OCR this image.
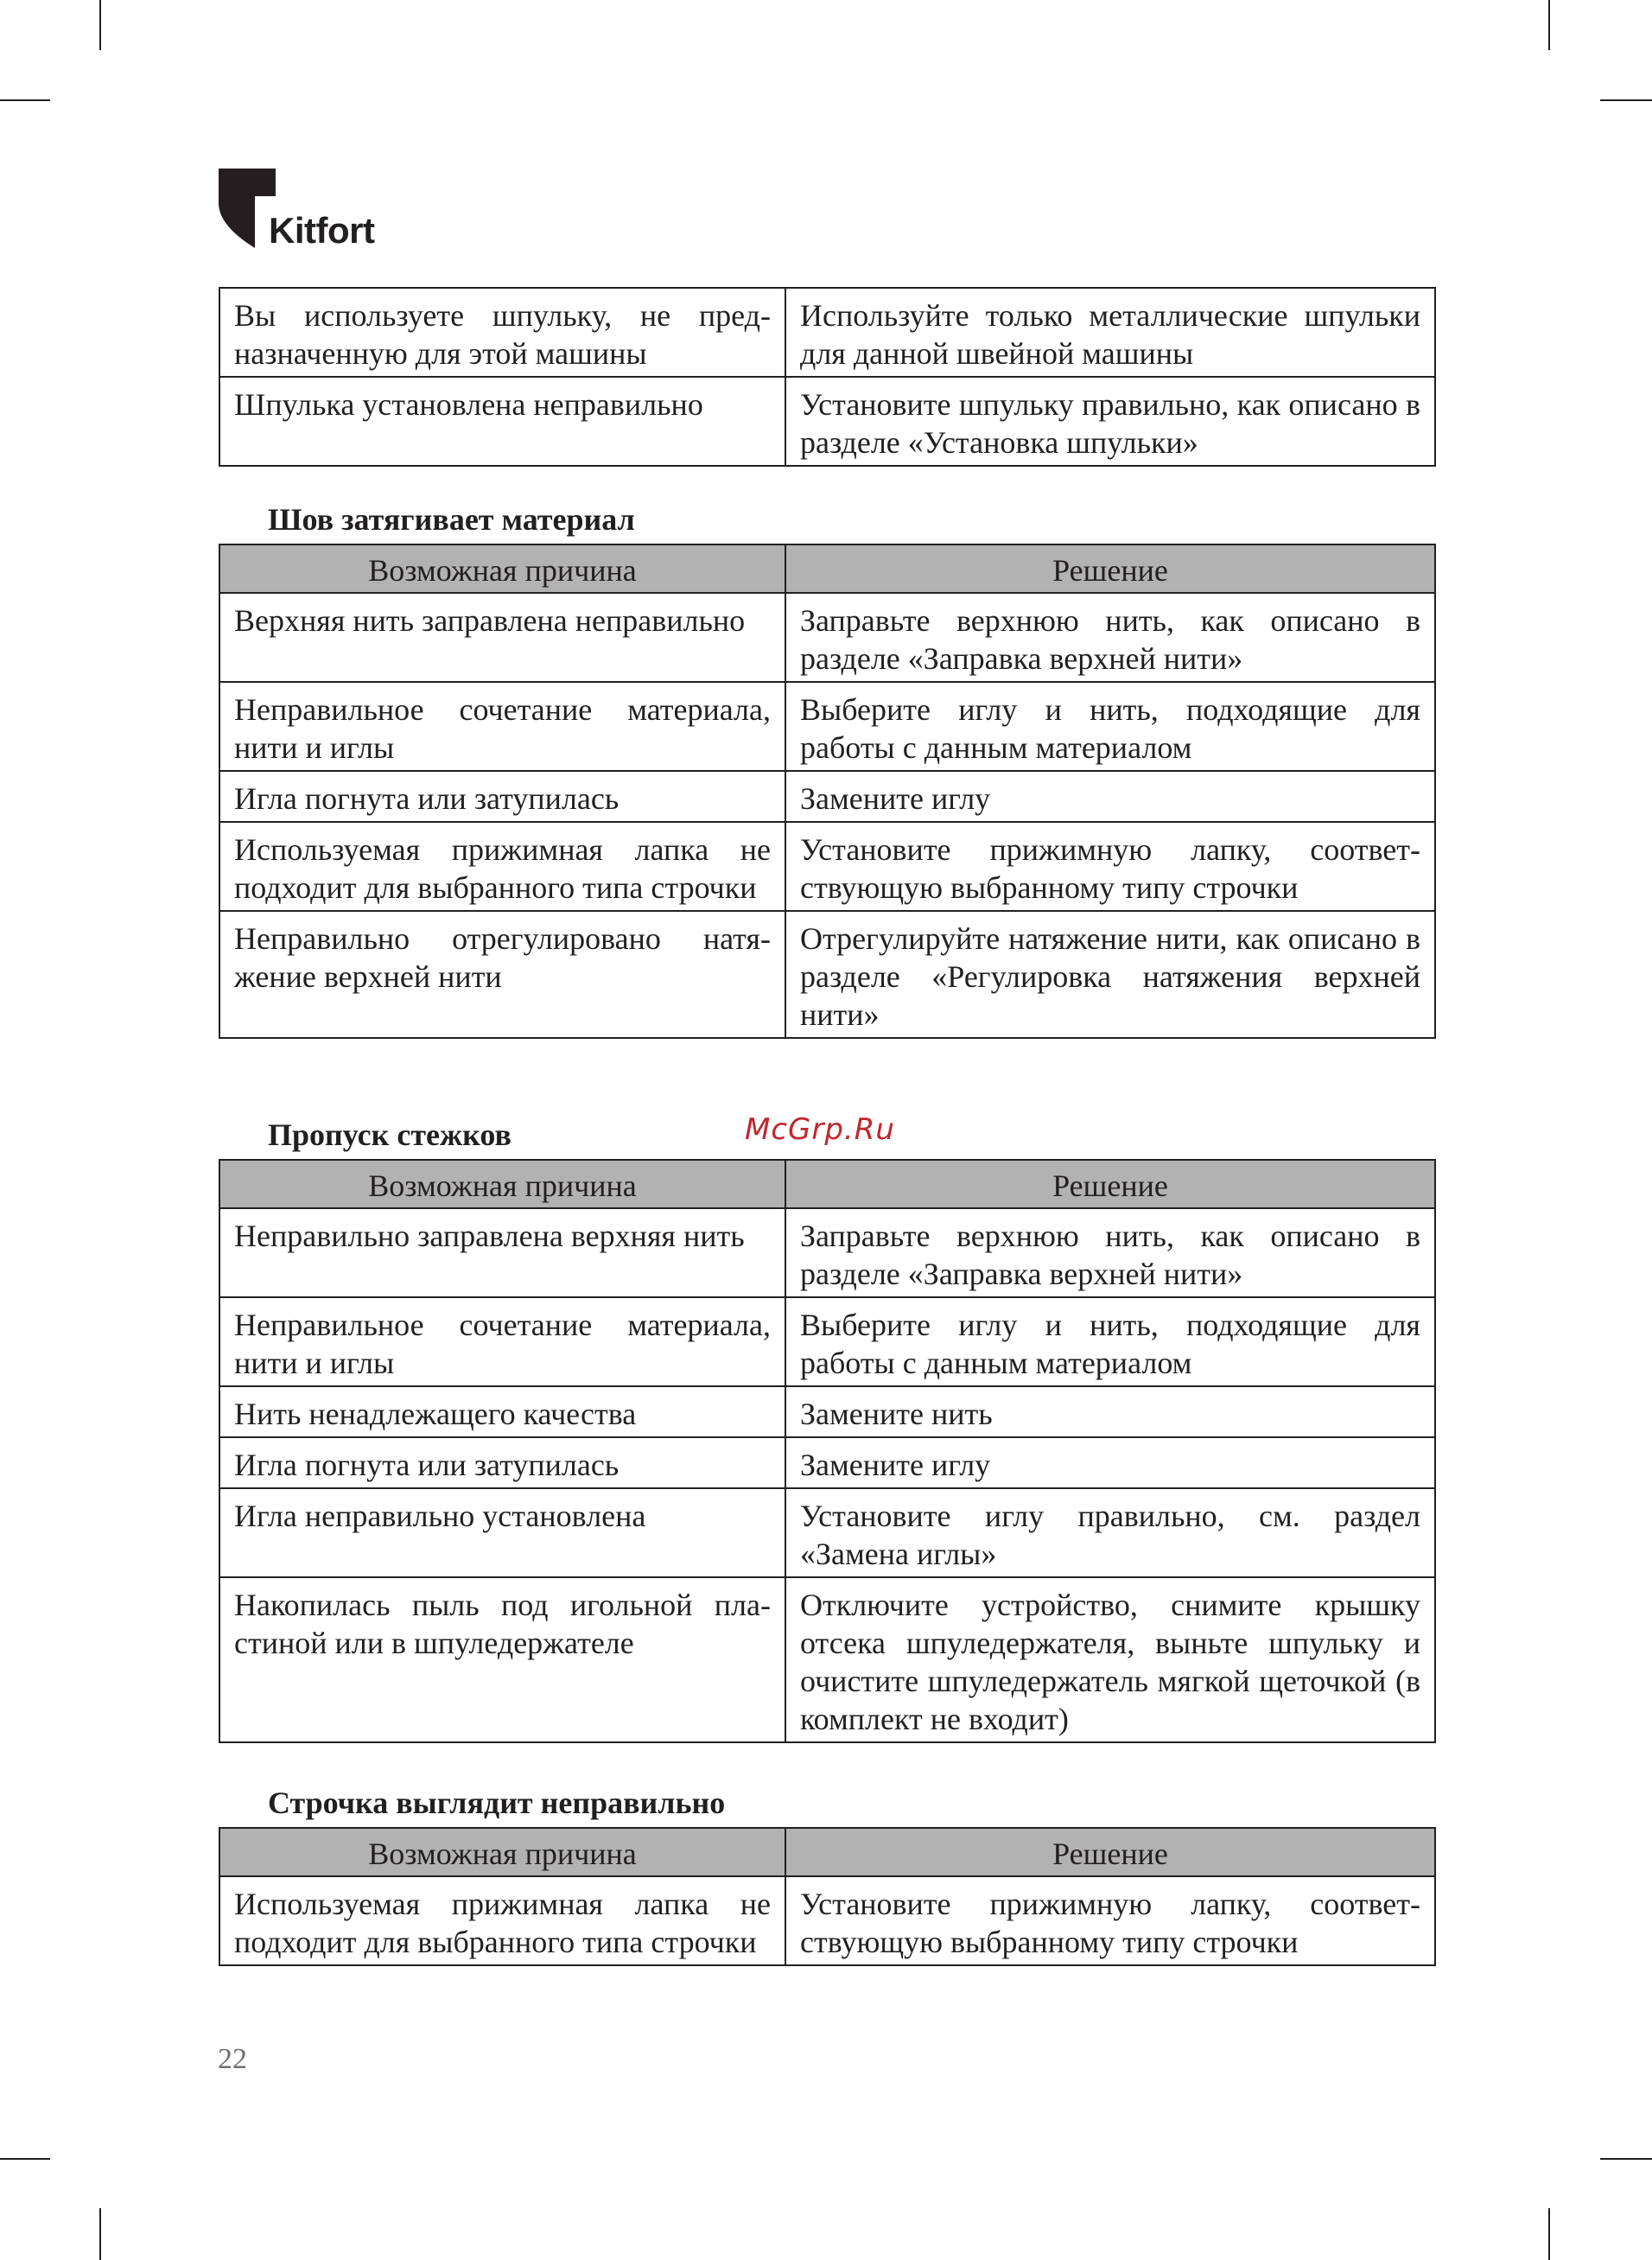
Kitfort
Вы используете шпульку, не предназначенную для этой машины	Используйте только металлические шпульки для данной швейной машины
Шпулька установлена неправильно	Установите шпульку правильно, как описано в разделе «Установка шпульки»
Шов затягивает материал
Возможная причина	Решение
Верхняя нить заправлена неправильно	Заправьте верхнюю нить, как описано в разделе «Заправка верхней нити»
Неправильное сочетание материала, нити и иглы	Выберите иглу и нить, подходящие для работы с данным материалом
Игла погнута или затупилась	Замените иглу
Используемая прижимная лапка не подходит для выбранного типа строчки	Установите прижимную лапку, соответствующую выбранному типу строчки
Неправильно отрегулировано натяжение верхней нити	Отрегулируйте натяжение нити, как описано в разделе «Регулировка натяжения верхней нити»
Пропуск стежков	McGrp.Ru
Возможная причина	Решение
Неправильно заправлена верхняя нить	Заправьте верхнюю нить, как описано в разделе «Заправка верхней нити»
Неправильное сочетание материала, нити и иглы	Выберите иглу и нить, подходящие для работы с данным материалом
Нить ненадлежащего качества	Замените нить
Игла погнута или затупилась	Замените иглу
Игла неправильно установлена	Установите иглу правильно, см. раздел «Замена иглы»
Накопилась пыль под игольной пластиной или в шпуледержателе	Отключите устройство, снимите крышку отсека шпуледержателя, выньте шпульку и очистите шпуледержатель мягкой щеточкой (в комплект не входит)
Строчка выглядит неправильно
Возможная причина	Решение
Используемая прижимная лапка не подходит для выбранного типа строчки	Установите прижимную лапку, соответствующую выбранному типу строчки
22
